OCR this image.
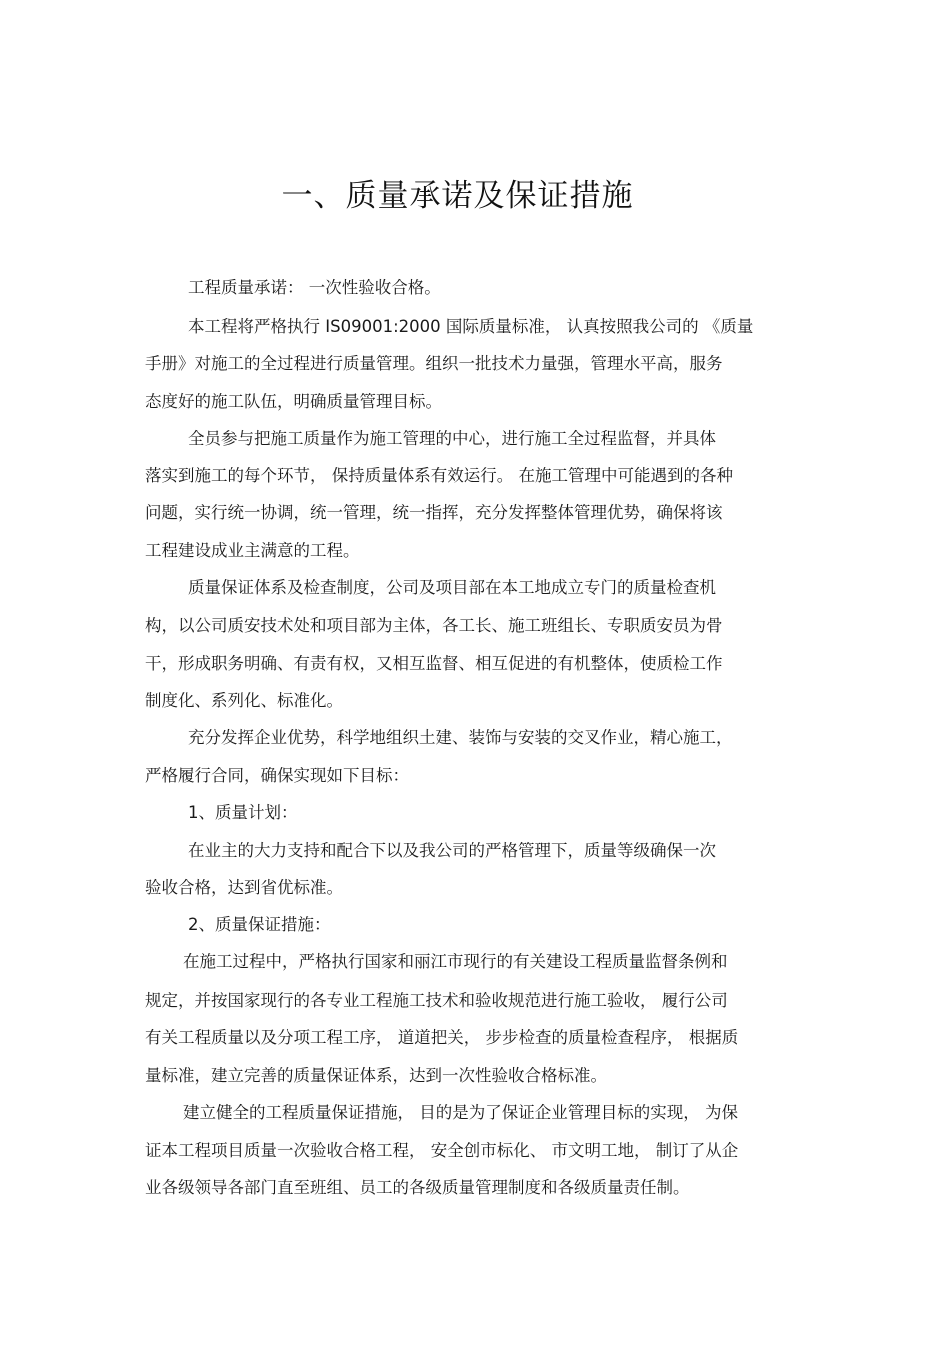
一、质量承诺及保证措施
工程质量承诺： 一次性验收合格。
本工程将严格执行 IS09001:2000 国际质量标准， 认真按照我公司的 《质量
手册》对施工的全过程进行质量管理。组织一批技术力量强，管理水平高，服务
态度好的施工队伍，明确质量管理目标。
全员参与把施工质量作为施工管理的中心，进行施工全过程监督，并具体
落实到施工的每个环节， 保持质量体系有效运行。 在施工管理中可能遇到的各种
问题，实行统一协调，统一管理，统一指挥，充分发挥整体管理优势，确保将该
工程建设成业主满意的工程。
质量保证体系及检查制度，公司及项目部在本工地成立专门的质量检查机
构，以公司质安技术处和项目部为主体，各工长、施工班组长、专职质安员为骨
干，形成职务明确、有责有权，又相互监督、相互促进的有机整体，使质检工作
制度化、系列化、标准化。
充分发挥企业优势，科学地组织土建、装饰与安装的交叉作业，精心施工，
严格履行合同，确保实现如下目标：
1、质量计划：
在业主的大力支持和配合下以及我公司的严格管理下，质量等级确保一次
验收合格，达到省优标准。
2、质量保证措施：
在施工过程中，严格执行国家和丽江市现行的有关建设工程质量监督条例和
规定，并按国家现行的各专业工程施工技术和验收规范进行施工验收， 履行公司
有关工程质量以及分项工程工序， 道道把关， 步步检查的质量检查程序， 根据质
量标准，建立完善的质量保证体系，达到一次性验收合格标准。
建立健全的工程质量保证措施， 目的是为了保证企业管理目标的实现， 为保
证本工程项目质量一次验收合格工程， 安全创市标化、 市文明工地， 制订了从企
业各级领导各部门直至班组、员工的各级质量管理制度和各级质量责任制。
